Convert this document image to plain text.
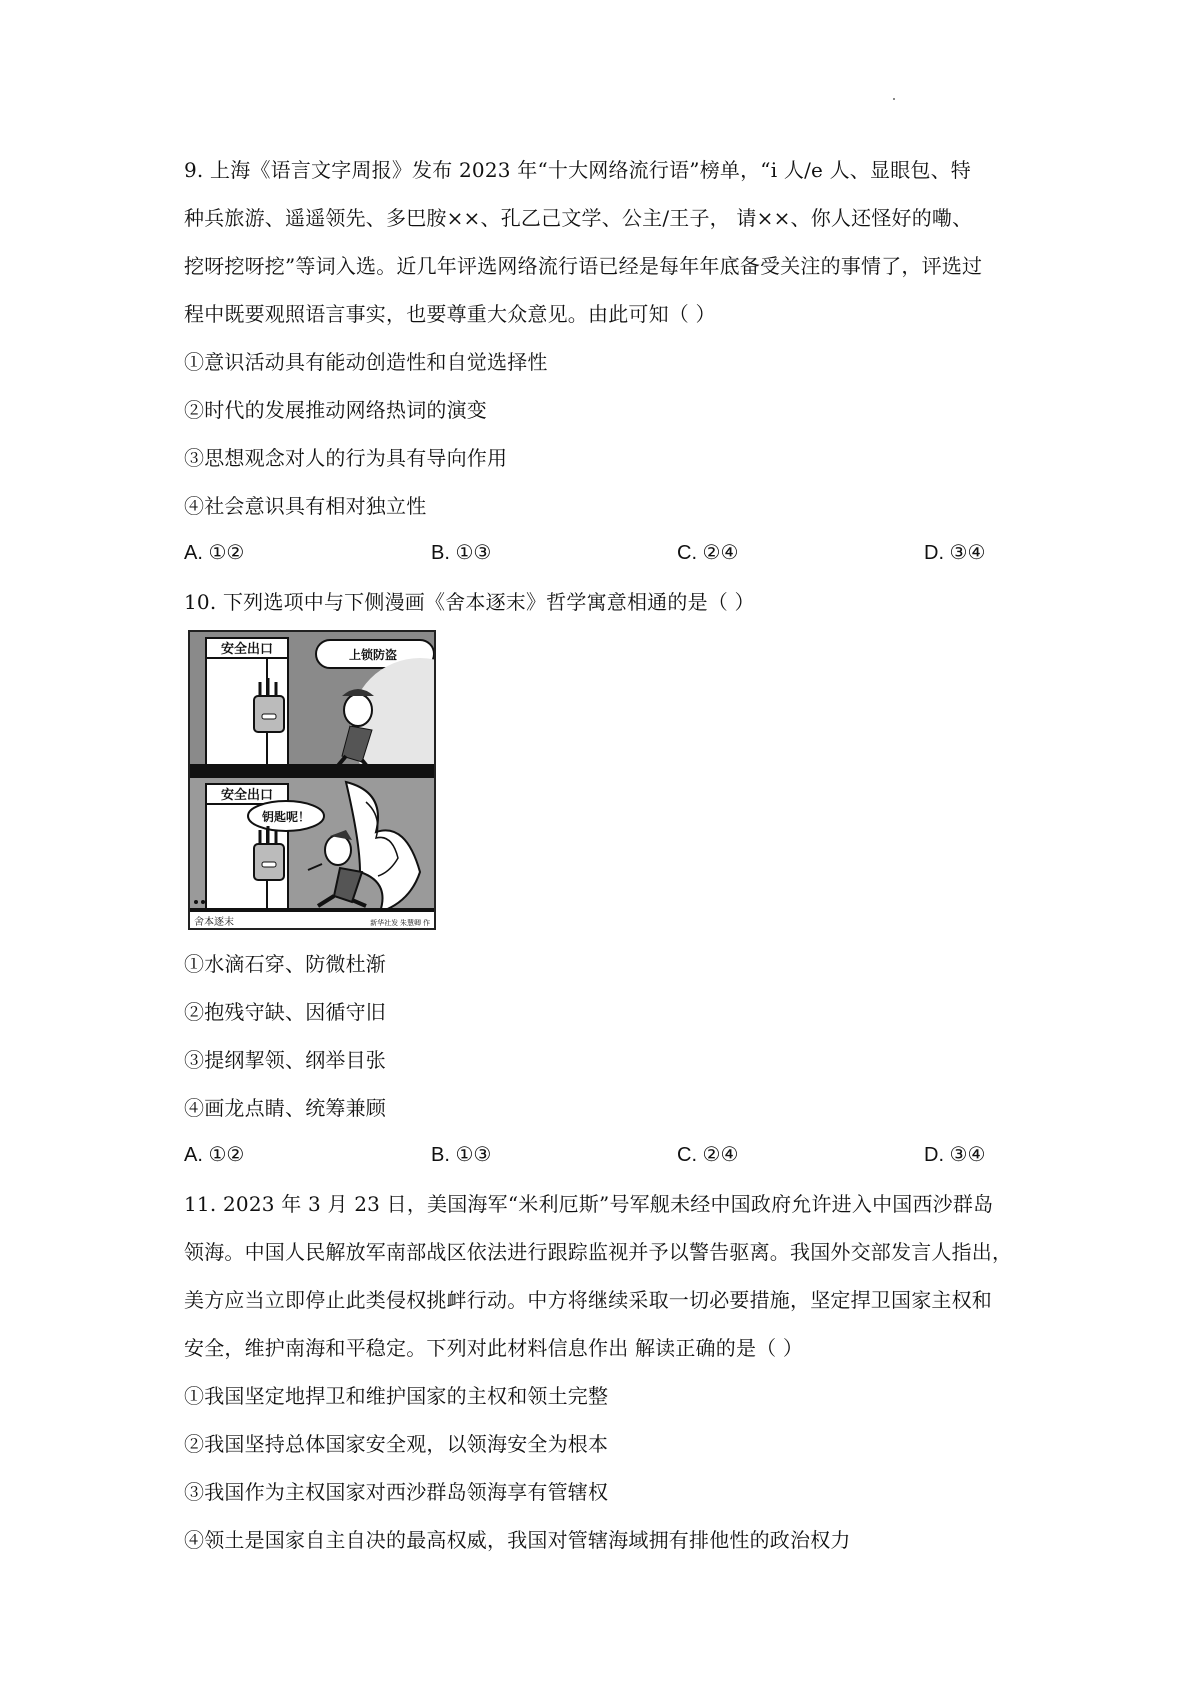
9. 上海《语言文字周报》发布 2023 年“十大网络流行语”榜单，“i 人/e 人、显眼包、特
种兵旅游、遥遥领先、多巴胺××、孔乙己文学、公主/王子， 请××、你人还怪好的嘞、
挖呀挖呀挖”等词入选。近几年评选网络流行语已经是每年年底备受关注的事情了，评选过
程中既要观照语言事实，也要尊重大众意见。由此可知（ ）
①意识活动具有能动创造性和自觉选择性
②时代的发展推动网络热词的演变
③思想观念对人的行为具有导向作用
④社会意识具有相对独立性
A. ①②	B. ①③	C. ②④	D. ③④
10. 下列选项中与下侧漫画《舍本逐末》哲学寓意相通的是（ ）
安全出口	上锁防盗
安全出口
钥匙呢！
舍本逐末	新华社发 朱慧卿 作
①水滴石穿、防微杜渐
②抱残守缺、因循守旧
③提纲挈领、纲举目张
④画龙点睛、统筹兼顾
A. ①②	B. ①③	C. ②④	D. ③④
11. 2023 年 3 月 23 日，美国海军“米利厄斯”号军舰未经中国政府允许进入中国西沙群岛
领海。中国人民解放军南部战区依法进行跟踪监视并予以警告驱离。我国外交部发言人指出，
美方应当立即停止此类侵权挑衅行动。中方将继续采取一切必要措施，坚定捍卫国家主权和
安全，维护南海和平稳定。下列对此材料信息作出 解读正确的是（ ）
①我国坚定地捍卫和维护国家的主权和领土完整
②我国坚持总体国家安全观，以领海安全为根本
③我国作为主权国家对西沙群岛领海享有管辖权
④领土是国家自主自决的最高权威，我国对管辖海域拥有排他性的政治权力
